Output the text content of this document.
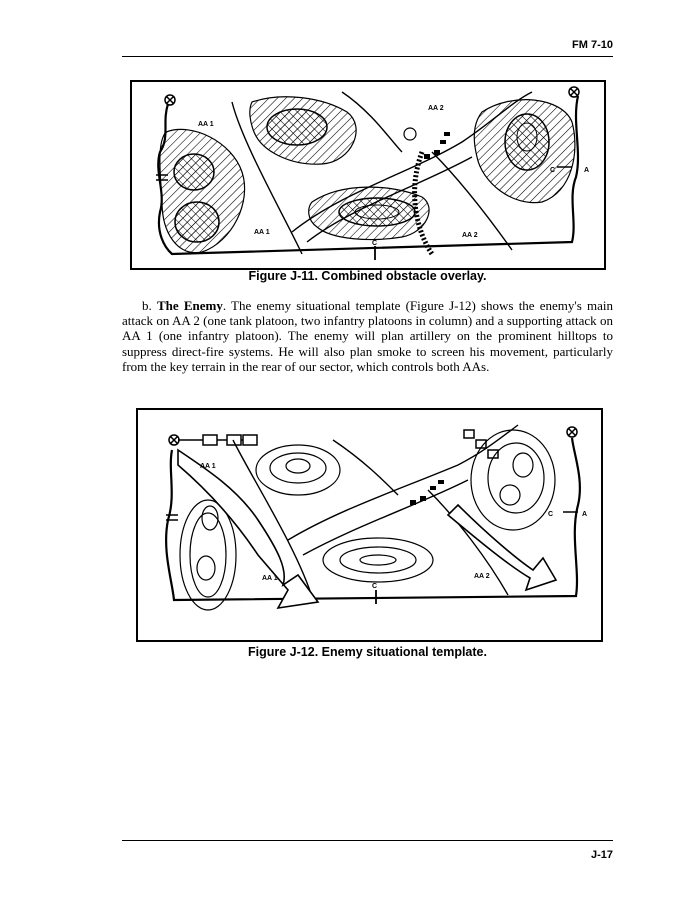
FM 7-10
AA 1
AA 1
AA 2
AA 2
C
C	A
Figure J-11. Combined obstacle overlay.
b. The Enemy. The enemy situational template (Figure J-12) shows the enemy's main attack on AA 2 (one tank platoon, two infantry platoons in column) and a supporting attack on AA 1 (one infantry platoon). The enemy will plan artillery on the prominent hilltops to suppress direct-fire systems. He will also plan smoke to screen his movement, particularly from the key terrain in the rear of our sector, which controls both AAs.
AA 1
AA 1	AA 2
C
C	A
Figure J-12. Enemy situational template.
J-17
